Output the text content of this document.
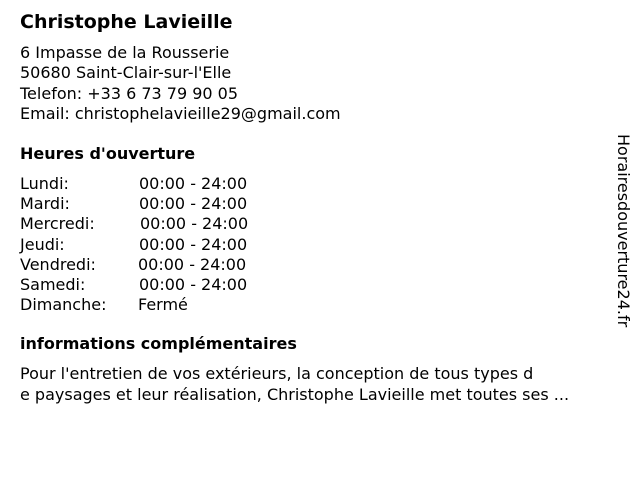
Christophe Lavieille
6 Impasse de la Rousserie
50680 Saint-Clair-sur-l'Elle
Telefon: +33 6 73 79 90 05
Email: christophelavieille29@gmail.com
Heures d'ouverture
Lundi:	00:00 - 24:00
Mardi:	00:00 - 24:00
Mercredi:	00:00 - 24:00
Jeudi:	00:00 - 24:00
Vendredi:	00:00 - 24:00
Samedi:	00:00 - 24:00
Dimanche: Fermé
informations complémentaires
Pour l'entretien de vos extérieurs, la conception de tous types d
e paysages et leur réalisation, Christophe Lavieille met toutes ses ...
Horairesdouverture24.fr
